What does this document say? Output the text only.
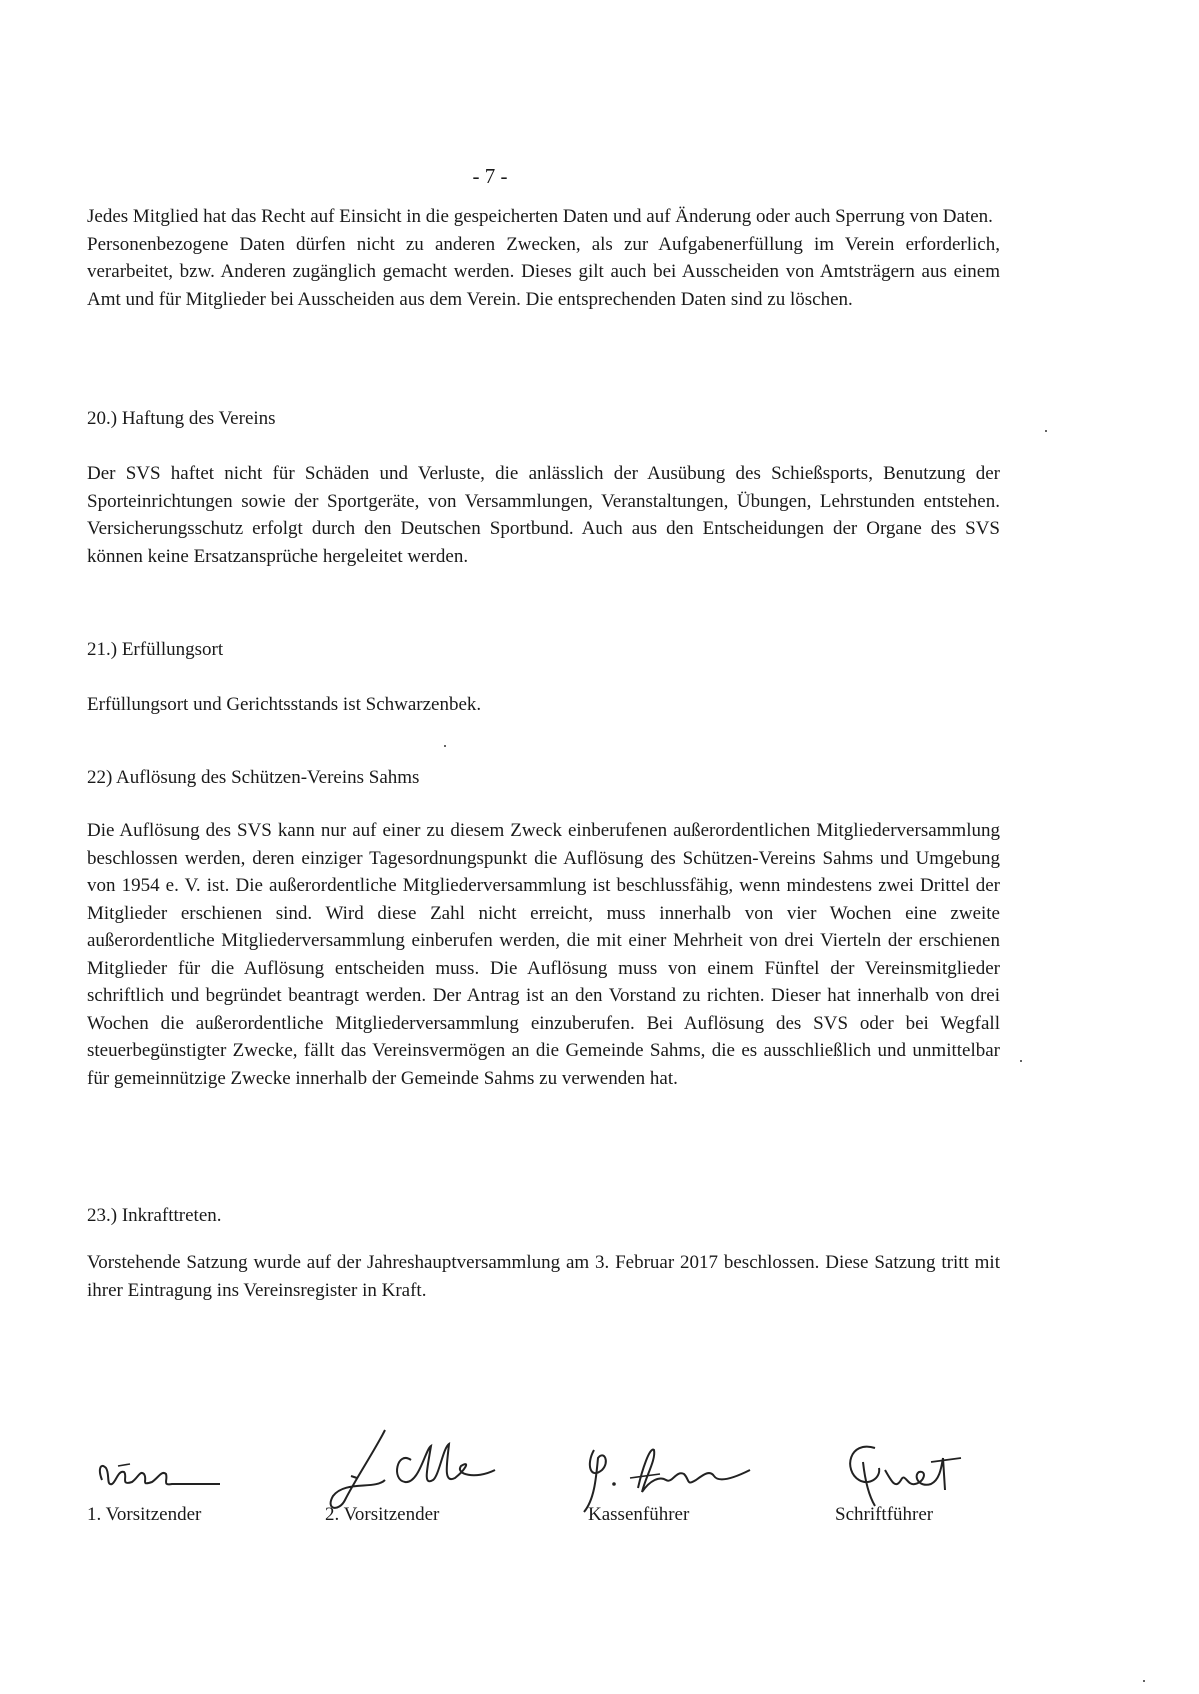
- 7 -

Jedes Mitglied hat das Recht auf Einsicht in die gespeicherten Daten und auf Änderung oder auch Sperrung von Daten.

Personenbezogene Daten dürfen nicht zu anderen Zwecken, als zur Aufgabenerfüllung im Verein erforderlich, verarbeitet, bzw. Anderen zugänglich gemacht werden. Dieses gilt auch bei Ausscheiden von Amtsträgern aus einem Amt und für Mitglieder bei Ausscheiden aus dem Verein. Die entsprechenden Daten sind zu löschen.

20.) Haftung des Vereins
Der SVS haftet nicht für Schäden und Verluste, die anlässlich der Ausübung des Schießsports, Benutzung der Sporteinrichtungen sowie der Sportgeräte, von Versammlungen, Veranstaltungen, Übungen, Lehrstunden entstehen. Versicherungsschutz erfolgt durch den Deutschen Sportbund. Auch aus den Entscheidungen der Organe des SVS können keine Ersatzansprüche hergeleitet werden.
21.) Erfüllungsort
Erfüllungsort und Gerichtsstands ist Schwarzenbek.
22) Auflösung des Schützen-Vereins Sahms
Die Auflösung des SVS kann nur auf einer zu diesem Zweck einberufenen außerordentlichen Mitgliederversammlung beschlossen werden, deren einziger Tagesordnungspunkt die Auflösung des Schützen-Vereins Sahms und Umgebung von 1954 e. V. ist. Die außerordentliche Mitgliederversammlung ist beschlussfähig, wenn mindestens zwei Drittel der Mitglieder erschienen sind. Wird diese Zahl nicht erreicht, muss innerhalb von vier Wochen eine zweite außerordentliche Mitgliederversammlung einberufen werden, die mit einer Mehrheit von drei Vierteln der erschienen Mitglieder für die Auflösung entscheiden muss. Die Auflösung muss von einem Fünftel der Vereinsmitglieder schriftlich und begründet beantragt werden. Der Antrag ist an den Vorstand zu richten. Dieser hat innerhalb von drei Wochen die außerordentliche Mitgliederversammlung einzuberufen. Bei Auflösung des SVS oder bei Wegfall steuerbegünstigter Zwecke, fällt das Vereinsvermögen an die Gemeinde Sahms, die es ausschließlich und unmittelbar für gemeinnützige Zwecke innerhalb der Gemeinde Sahms zu verwenden hat.
23.) Inkrafttreten.
Vorstehende Satzung wurde auf der Jahreshauptversammlung am 3. Februar 2017 beschlossen. Diese Satzung tritt mit ihrer Eintragung ins Vereinsregister in Kraft.
1. Vorsitzender	2. Vorsitzender	Kassenführer	Schriftführer
